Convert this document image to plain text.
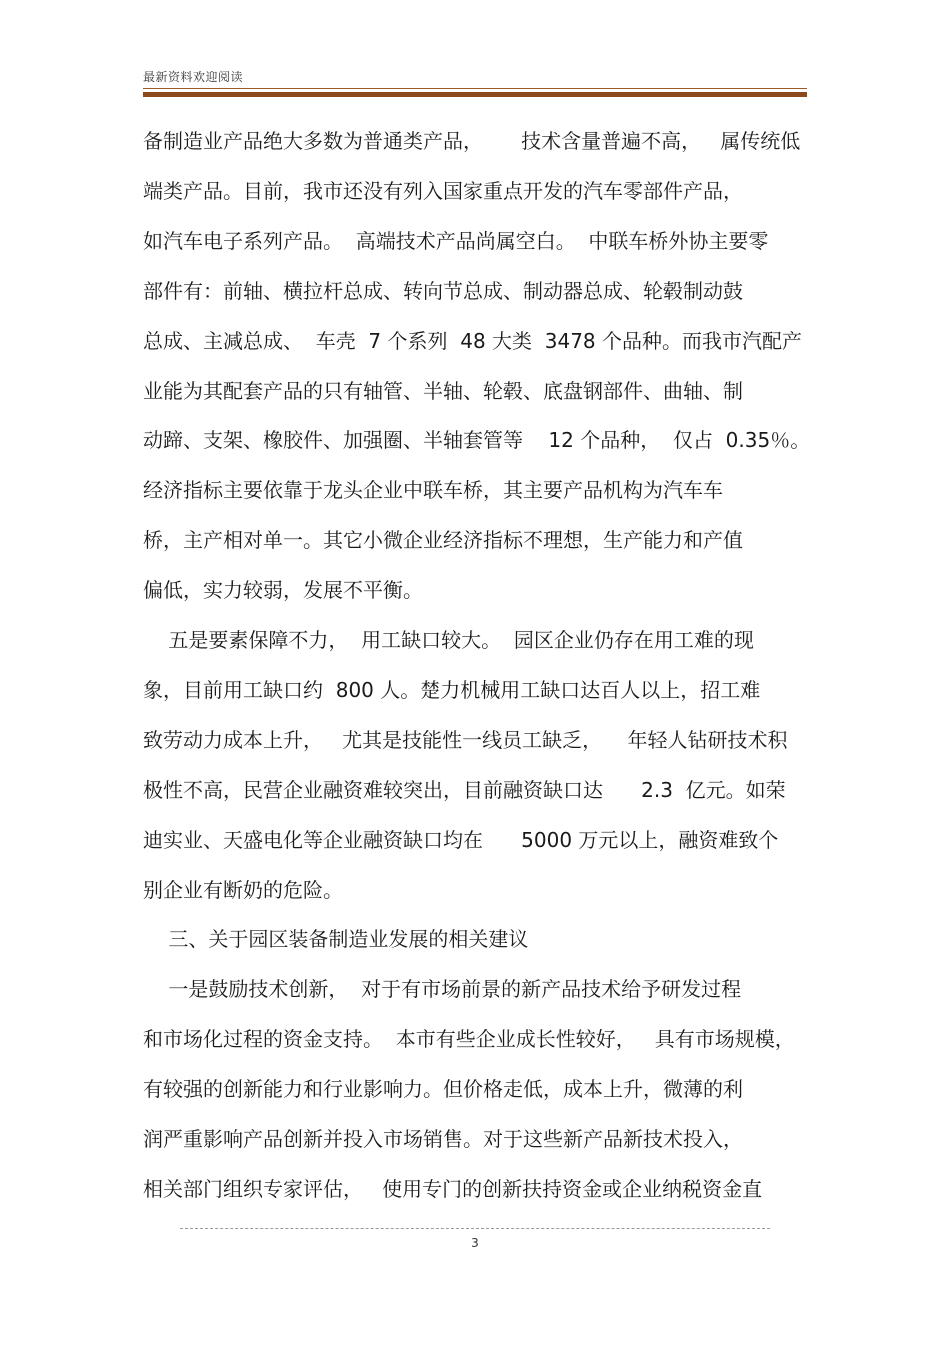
最新资料欢迎阅读
备制造业产品绝大多数为普通类产品，      技术含量普遍不高，   属传统低
端类产品。目前，我市还没有列入国家重点开发的汽车零部件产品，
如汽车电子系列产品。  高端技术产品尚属空白。  中联车桥外协主要零
部件有：前轴、横拉杆总成、转向节总成、制动器总成、轮毂制动鼓
总成、主减总成、  车壳  7 个系列  48 大类  3478 个品种。而我市汽配产
业能为其配套产品的只有轴管、半轴、轮毂、底盘钢部件、曲轴、制
动蹄、支架、橡胶件、加强圈、半轴套管等    12 个品种，  仅占  0.35％。
经济指标主要依靠于龙头企业中联车桥，其主要产品机构为汽车车
桥，主产相对单一。其它小微企业经济指标不理想，生产能力和产值
偏低，实力较弱，发展不平衡。
五是要素保障不力，  用工缺口较大。  园区企业仍存在用工难的现
象，目前用工缺口约  800 人。楚力机械用工缺口达百人以上，招工难
致劳动力成本上升，   尤其是技能性一线员工缺乏，    年轻人钻研技术积
极性不高，民营企业融资难较突出，目前融资缺口达      2.3  亿元。如荣
迪实业、天盛电化等企业融资缺口均在      5000 万元以上，融资难致个
别企业有断奶的危险。
三、关于园区装备制造业发展的相关建议
一是鼓励技术创新，  对于有市场前景的新产品技术给予研发过程
和市场化过程的资金支持。  本市有些企业成长性较好，   具有市场规模，
有较强的创新能力和行业影响力。但价格走低，成本上升，微薄的利
润严重影响产品创新并投入市场销售。对于这些新产品新技术投入，
相关部门组织专家评估，   使用专门的创新扶持资金或企业纳税资金直
3
